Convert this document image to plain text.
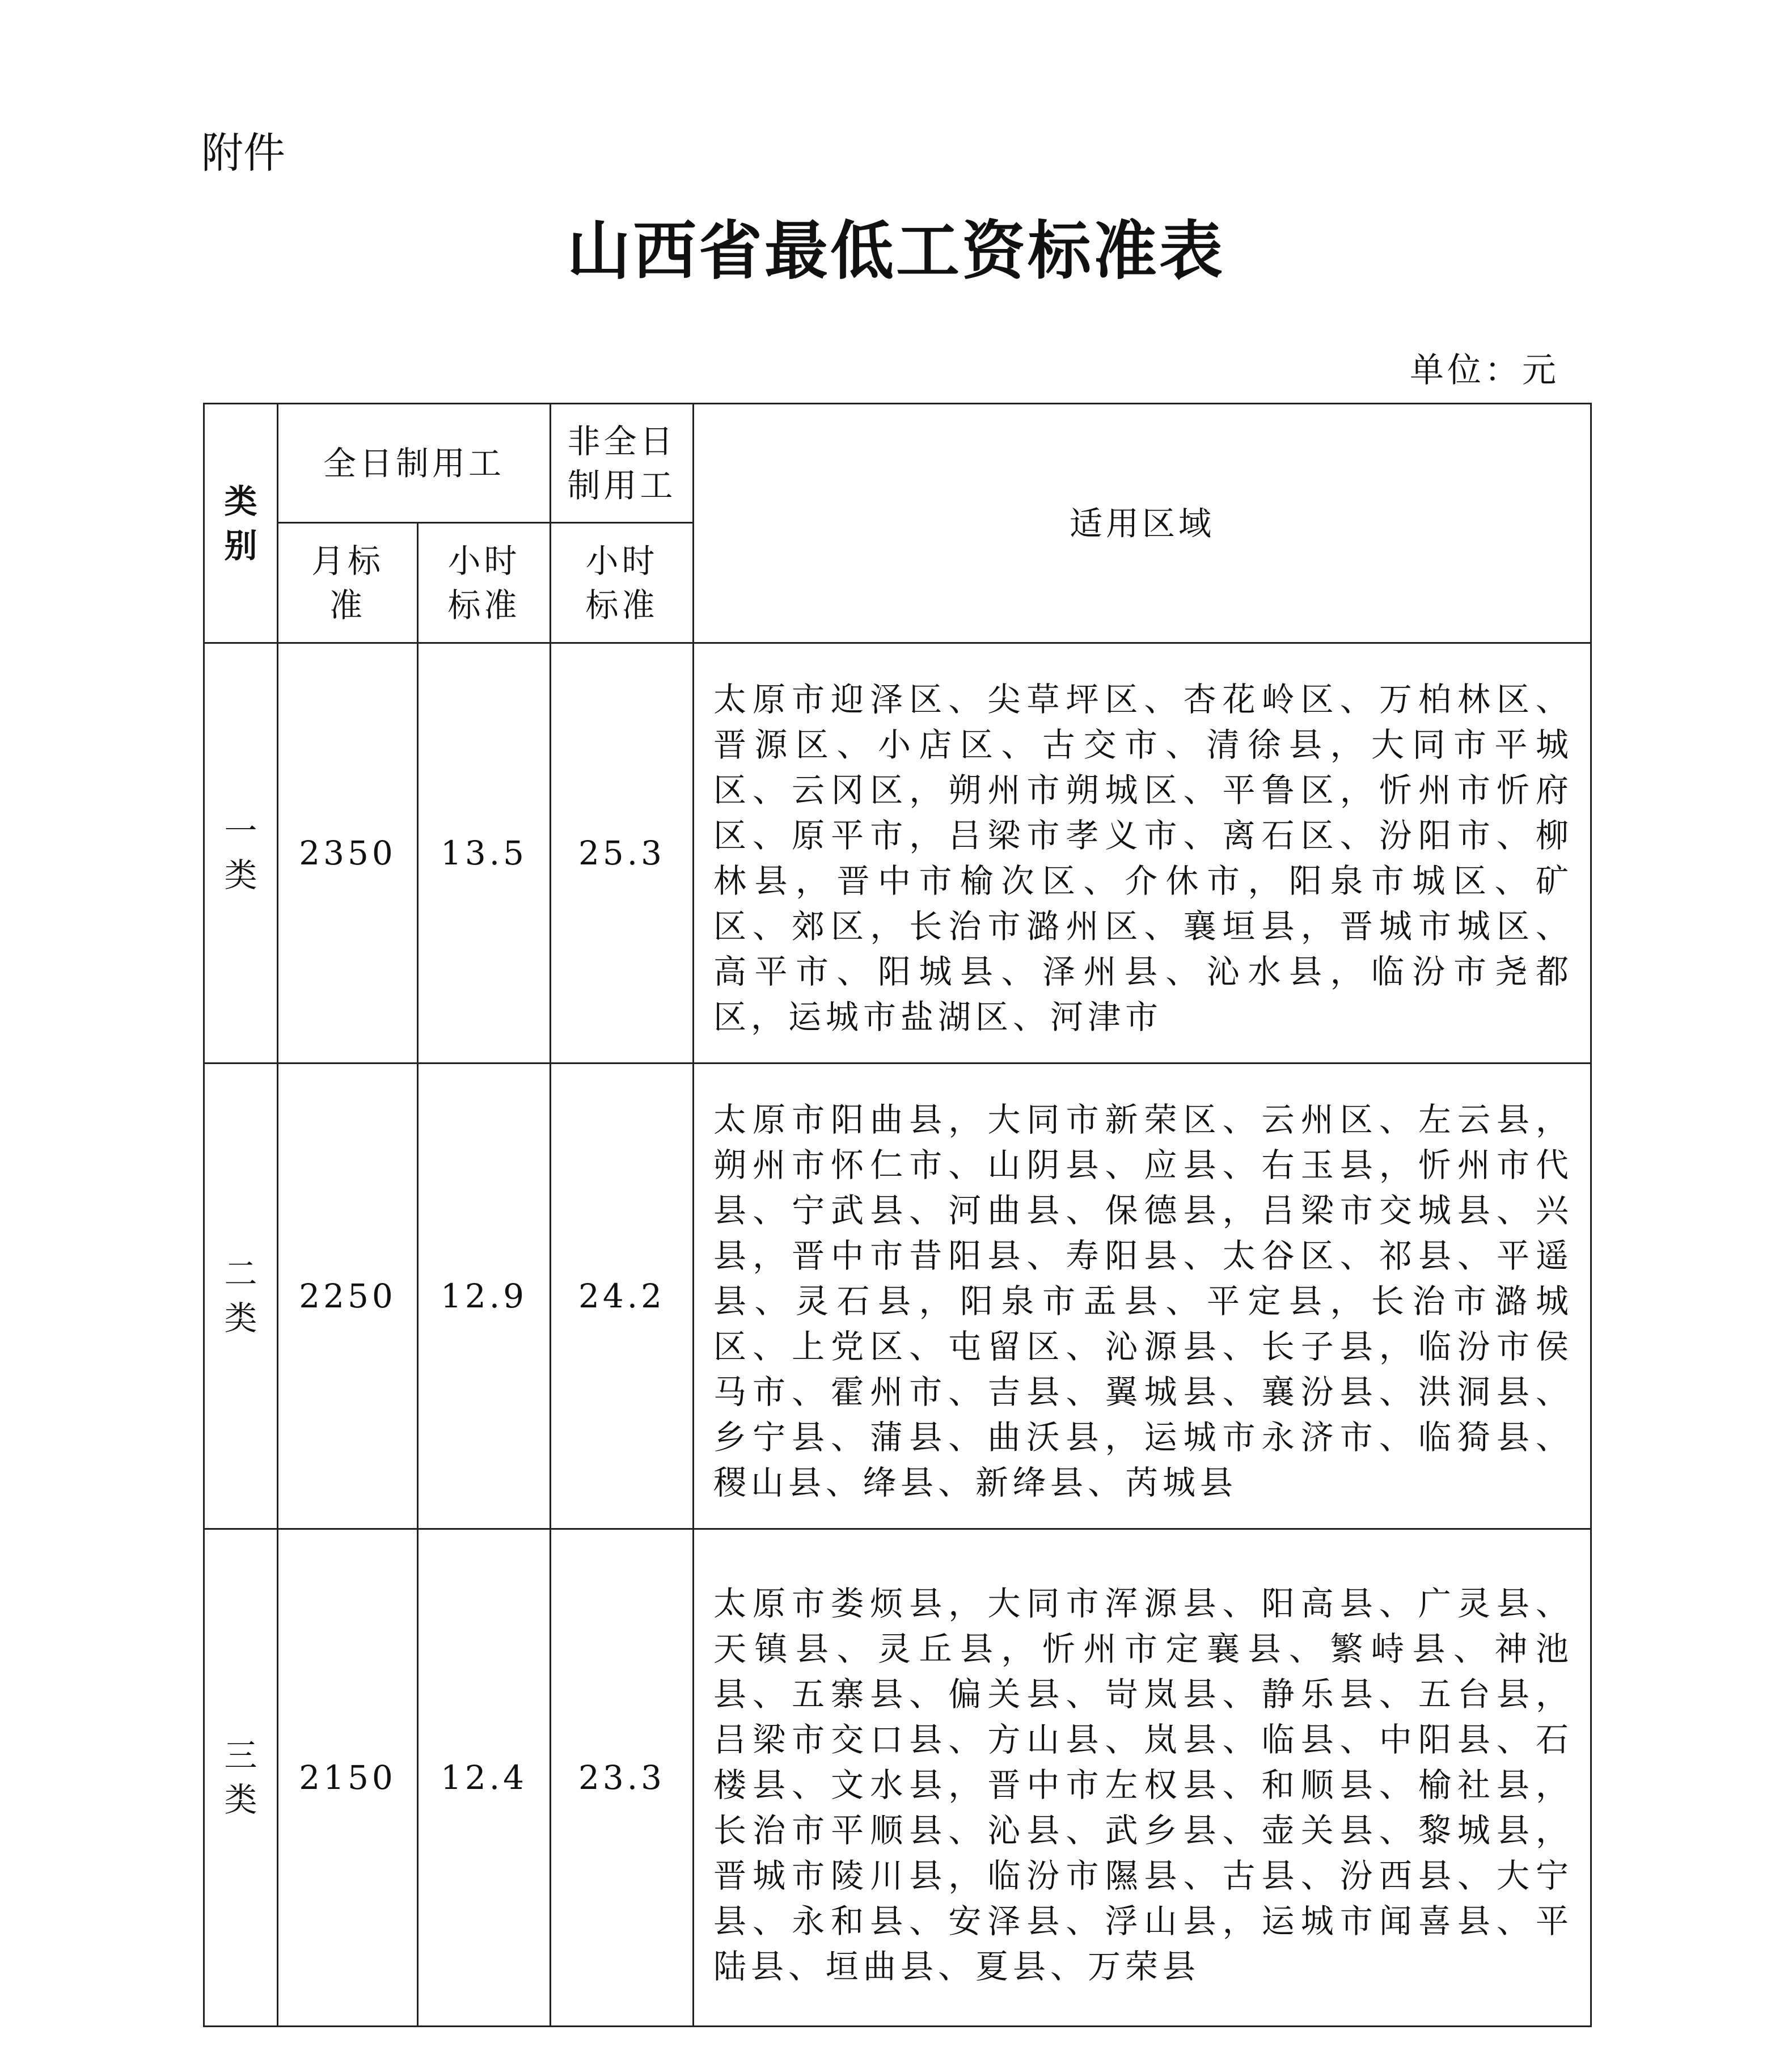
附件
山西省最低工资标准表
单位：元
类别	全日制用工		非全日制用工	适用区域

	月标准	小时标准	小时标准	

一类	2350	13.5	25.3	太原市迎泽区、尖草坪区、杏花岭区、万柏林区、晋源区、小店区、古交市、清徐县，大同市平城区、云冈区，朔州市朔城区、平鲁区，忻州市忻府区、原平市，吕梁市孝义市、离石区、汾阳市、柳林县，晋中市榆次区、介休市，阳泉市城区、矿区、郊区，长治市潞州区、襄垣县，晋城市城区、高平市、阳城县、泽州县、沁水县，临汾市尧都区，运城市盐湖区、河津市
二类	2250	12.9	24.2	太原市阳曲县，大同市新荣区、云州区、左云县，朔州市怀仁市、山阴县、应县、右玉县，忻州市代县、宁武县、河曲县、保德县，吕梁市交城县、兴县，晋中市昔阳县、寿阳县、太谷区、祁县、平遥县、灵石县，阳泉市盂县、平定县，长治市潞城区、上党区、屯留区、沁源县、长子县，临汾市侯马市、霍州市、吉县、翼城县、襄汾县、洪洞县、乡宁县、蒲县、曲沃县，运城市永济市、临猗县、稷山县、绛县、新绛县、芮城县
三类	2150	12.4	23.3	太原市娄烦县，大同市浑源县、阳高县、广灵县、天镇县、灵丘县，忻州市定襄县、繁峙县、神池县、五寨县、偏关县、岢岚县、静乐县、五台县，吕梁市交口县、方山县、岚县、临县、中阳县、石楼县、文水县，晋中市左权县、和顺县、榆社县，长治市平顺县、沁县、武乡县、壶关县、黎城县，晋城市陵川县，临汾市隰县、古县、汾西县、大宁县、永和县、安泽县、浮山县，运城市闻喜县、平陆县、垣曲县、夏县、万荣县
